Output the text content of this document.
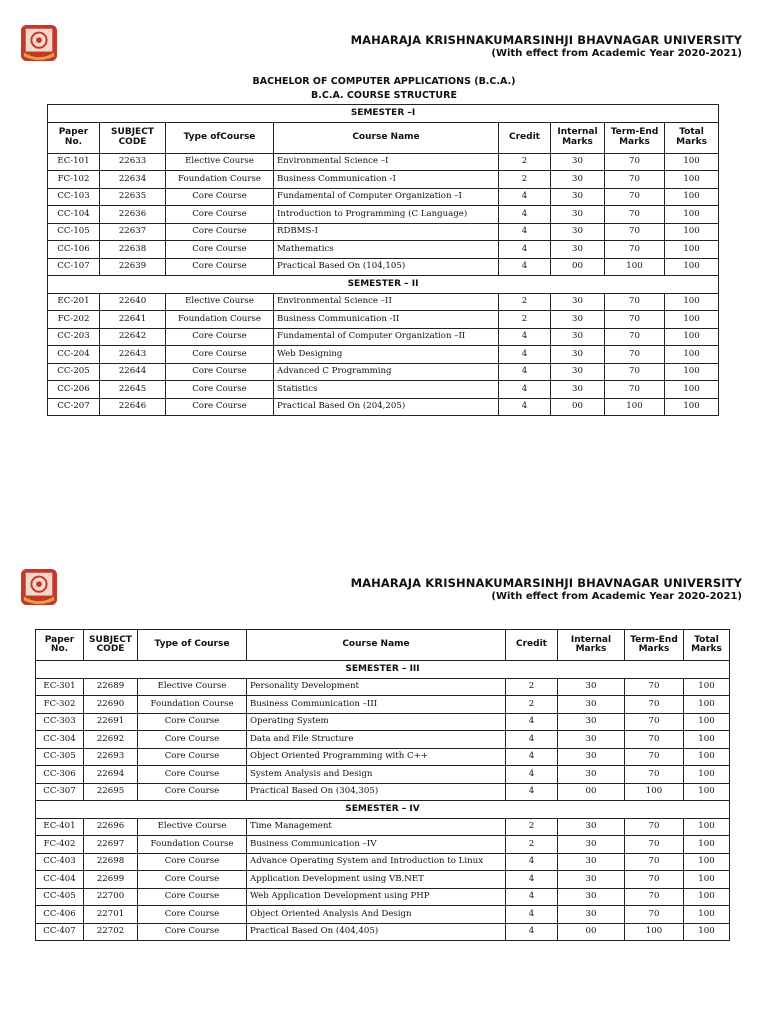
MAHARAJA KRISHNAKUMARSINHJI BHAVNAGAR UNIVERSITY
(With effect from Academic Year 2020-2021)
BACHELOR OF COMPUTER APPLICATIONS (B.C.A.)
B.C.A. COURSE STRUCTURE
SEMESTER –I							
Paper No.	SUBJECT CODE	Type ofCourse	Course Name	Credit	Internal Marks	Term-End Marks	Total Marks
EC-101	22633	Elective Course	Environmental Science –I	2	30	70	100
FC-102	22634	Foundation Course	Business Communication -I	2	30	70	100
CC-103	22635	Core Course	Fundamental of Computer Organization –I	4	30	70	100
CC-104	22636	Core Course	Introduction to Programming (C Language)	4	30	70	100
CC-105	22637	Core Course	RDBMS-I	4	30	70	100
CC-106	22638	Core Course	Mathematics	4	30	70	100
CC-107	22639	Core Course	Practical Based On (104,105)	4	00	100	100
SEMESTER – II							
EC-201	22640	Elective Course	Environmental Science –II	2	30	70	100
FC-202	22641	Foundation Course	Business Communication -II	2	30	70	100
CC-203	22642	Core Course	Fundamental of Computer Organization –II	4	30	70	100
CC-204	22643	Core Course	Web Designing	4	30	70	100
CC-205	22644	Core Course	Advanced C Programming	4	30	70	100
CC-206	22645	Core Course	Statistics	4	30	70	100
CC-207	22646	Core Course	Practical Based On (204,205)	4	00	100	100
MAHARAJA KRISHNAKUMARSINHJI BHAVNAGAR UNIVERSITY
(With effect from Academic Year 2020-2021)
Paper No.	SUBJECT CODE	Type of Course	Course Name	Credit	Internal Marks	Term-End Marks	Total Marks
SEMESTER – III							
EC-301	22689	Elective Course	Personality Development	2	30	70	100
FC-302	22690	Foundation Course	Business Communication –III	2	30	70	100
CC-303	22691	Core Course	Operating System	4	30	70	100
CC-304	22692	Core Course	Data and File Structure	4	30	70	100
CC-305	22693	Core Course	Object Oriented Programming with C++	4	30	70	100
CC-306	22694	Core Course	System Analysis and Design	4	30	70	100
CC-307	22695	Core Course	Practical Based On (304,305)	4	00	100	100
SEMESTER – IV							
EC-401	22696	Elective Course	Time Management	2	30	70	100
FC-402	22697	Foundation Course	Business Communication –IV	2	30	70	100
CC-403	22698	Core Course	Advance Operating System and Introduction to Linux	4	30	70	100
CC-404	22699	Core Course	Application Development using VB.NET	4	30	70	100
CC-405	22700	Core Course	Web Application Development using PHP	4	30	70	100
CC-406	22701	Core Course	Object Oriented Analysis And Design	4	30	70	100
CC-407	22702	Core Course	Practical Based On (404,405)	4	00	100	100
